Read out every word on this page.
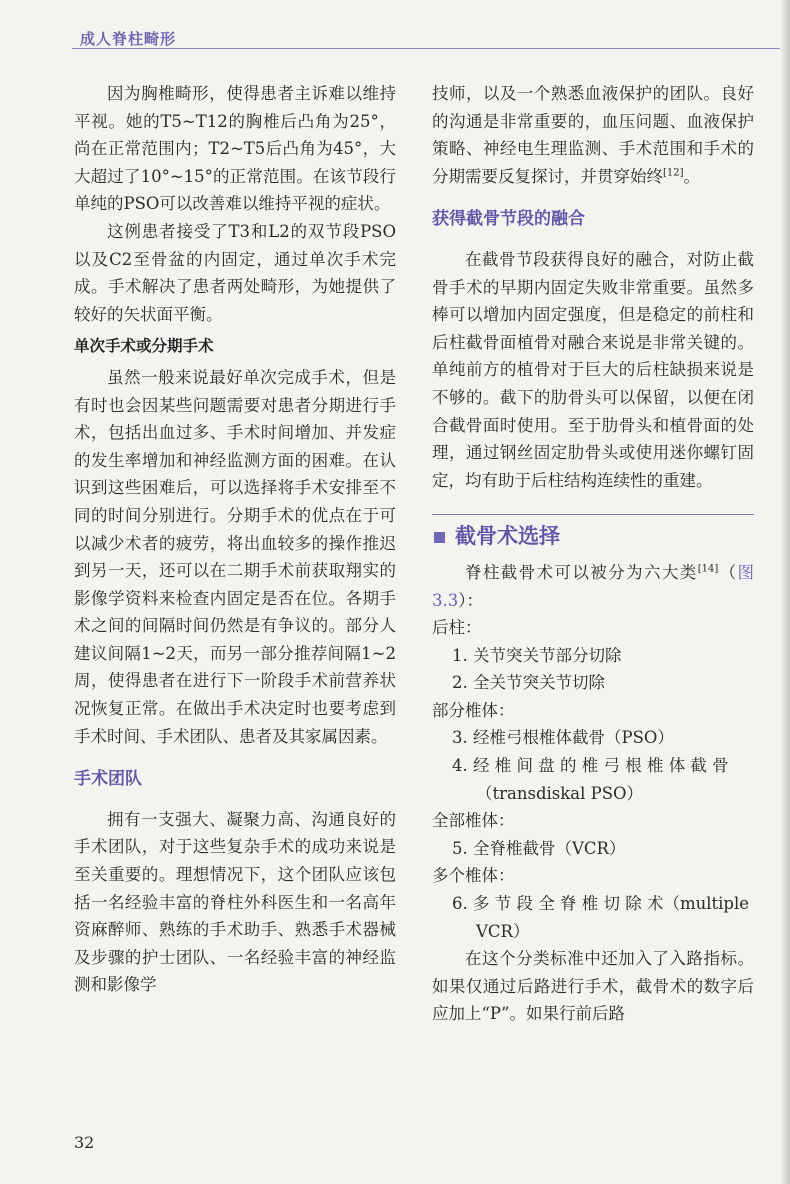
成人脊柱畸形

因为胸椎畸形，使得患者主诉难以维持平视。她的T5~T12的胸椎后凸角为25°，尚在正常范围内；T2~T5后凸角为45°，大大超过了10°~15°的正常范围。在该节段行单纯的PSO可以改善难以维持平视的症状。

这例患者接受了T3和L2的双节段PSO以及C2至骨盆的内固定，通过单次手术完成。手术解决了患者两处畸形，为她提供了较好的矢状面平衡。

单次手术或分期手术

虽然一般来说最好单次完成手术，但是有时也会因某些问题需要对患者分期进行手术，包括出血过多、手术时间增加、并发症的发生率增加和神经监测方面的困难。在认识到这些困难后，可以选择将手术安排至不同的时间分别进行。分期手术的优点在于可以减少术者的疲劳，将出血较多的操作推迟到另一天，还可以在二期手术前获取翔实的影像学资料来检查内固定是否在位。各期手术之间的间隔时间仍然是有争议的。部分人建议间隔1~2天，而另一部分推荐间隔1~2周，使得患者在进行下一阶段手术前营养状况恢复正常。在做出手术决定时也要考虑到手术时间、手术团队、患者及其家属因素。

手术团队

拥有一支强大、凝聚力高、沟通良好的手术团队，对于这些复杂手术的成功来说是至关重要的。理想情况下，这个团队应该包括一名经验丰富的脊柱外科医生和一名高年资麻醉师、熟练的手术助手、熟悉手术器械及步骤的护士团队、一名经验丰富的神经监测和影像学

技师，以及一个熟悉血液保护的团队。良好的沟通是非常重要的，血压问题、血液保护策略、神经电生理监测、手术范围和手术的分期需要反复探讨，并贯穿始终[12]。

获得截骨节段的融合

在截骨节段获得良好的融合，对防止截骨手术的早期内固定失败非常重要。虽然多棒可以增加内固定强度，但是稳定的前柱和后柱截骨面植骨对融合来说是非常关键的。单纯前方的植骨对于巨大的后柱缺损来说是不够的。截下的肋骨头可以保留，以便在闭合截骨面时使用。至于肋骨头和植骨面的处理，通过钢丝固定肋骨头或使用迷你螺钉固定，均有助于后柱结构连续性的重建。

截骨术选择

脊柱截骨术可以被分为六大类[14]（图3.3）：

后柱：
1. 关节突关节部分切除
2. 全关节突关节切除
部分椎体：
3. 经椎弓根椎体截骨（PSO）
4. 经 椎 间 盘 的 椎 弓 根 椎 体 截 骨
（transdiskal PSO）
全部椎体：
5. 全脊椎截骨（VCR）
多个椎体：
6. 多 节 段 全 脊 椎 切 除 术（multiple
VCR）

在这个分类标准中还加入了入路指标。如果仅通过后路进行手术，截骨术的数字后应加上“P”。如果行前后路

32
